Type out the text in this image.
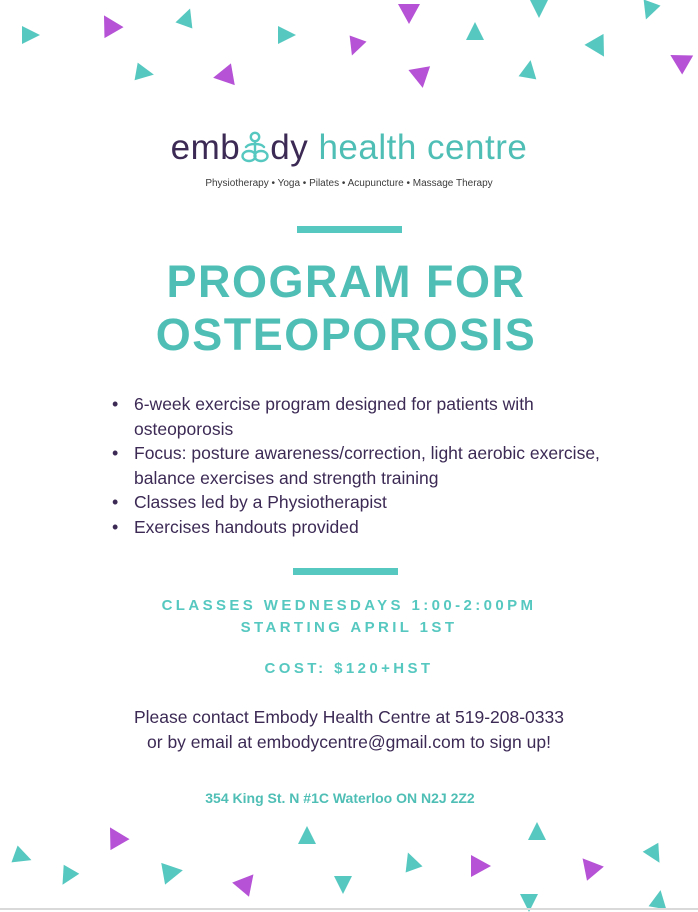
emb dy health centre
Physiotherapy • Yoga • Pilates • Acupuncture • Massage Therapy
PROGRAM FOR
OSTEOPOROSIS
• 6-week exercise program designed for patients with osteoporosis
• Focus: posture awareness/correction, light aerobic exercise, balance exercises and strength training
• Classes led by a Physiotherapist
• Exercises handouts provided
CLASSES WEDNESDAYS 1:00-2:00PM
STARTING APRIL 1ST
COST: $120+HST
Please contact Embody Health Centre at 519-208-0333
or by email at embodycentre@gmail.com to sign up!
354 King St. N #1C Waterloo ON N2J 2Z2
